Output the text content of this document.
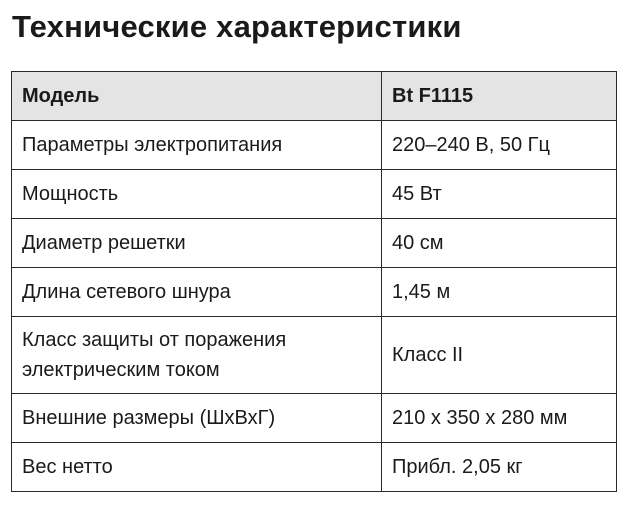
Технические характеристики
Модель	Bt F1115
Параметры электропитания	220–240 В, 50 Гц
Мощность	45 Вт
Диаметр решетки	40 см
Длина сетевого шнура	1,45 м
Класс защиты от поражения электрическим током	Класс II
Внешние размеры (ШхВхГ)	210 x 350 x 280 мм
Вес нетто	Прибл. 2,05 кг
